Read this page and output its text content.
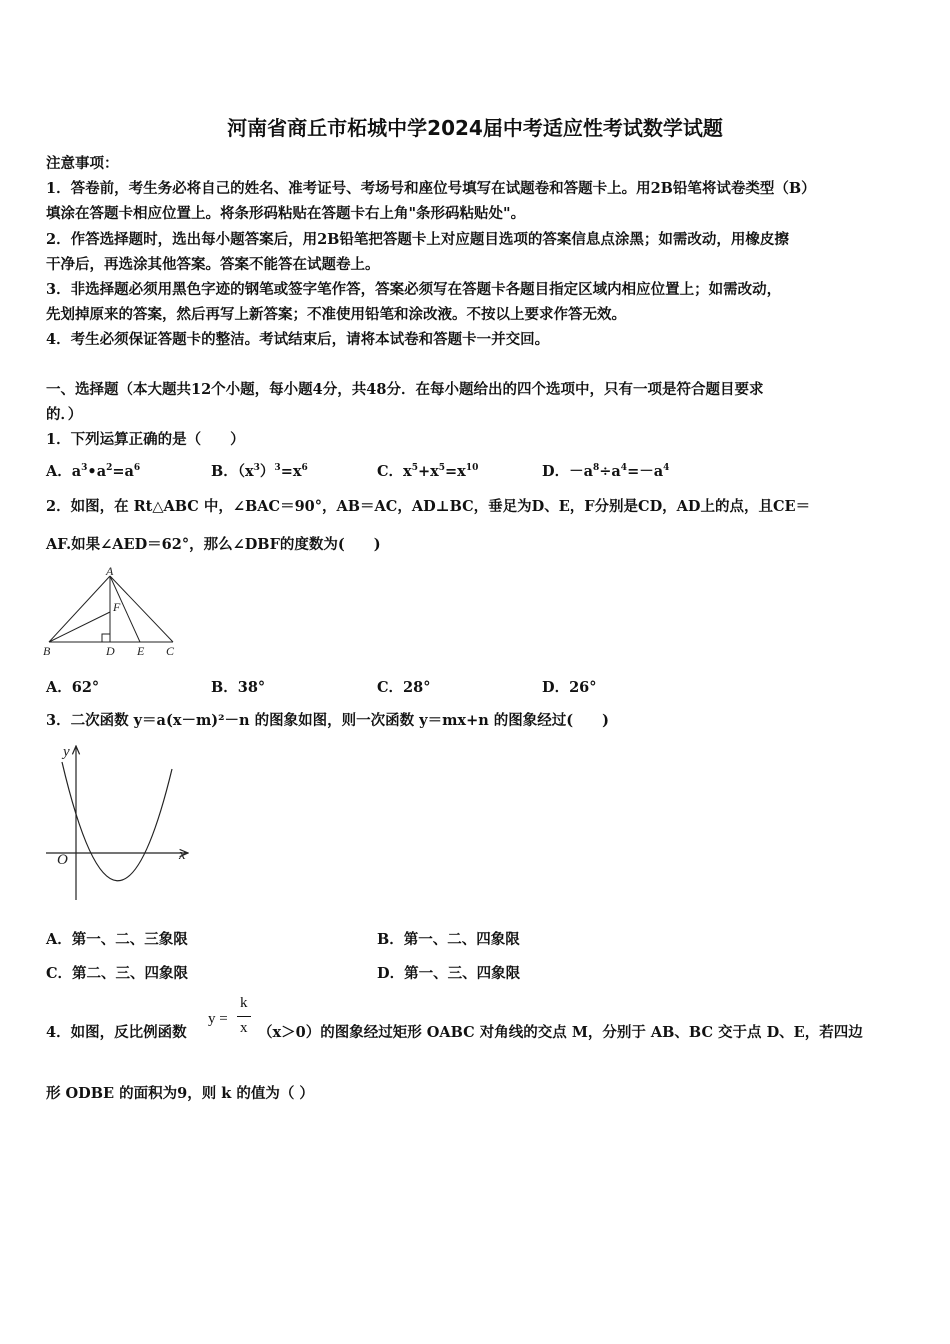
河南省商丘市柘城中学2024届中考适应性考试数学试题
注意事项：
1．答卷前，考生务必将自己的姓名、准考证号、考场号和座位号填写在试题卷和答题卡上。用2B铅笔将试卷类型（B）
填涂在答题卡相应位置上。将条形码粘贴在答题卡右上角"条形码粘贴处"。
2．作答选择题时，选出每小题答案后，用2B铅笔把答题卡上对应题目选项的答案信息点涂黑；如需改动，用橡皮擦
干净后，再选涂其他答案。答案不能答在试题卷上。
3．非选择题必须用黑色字迹的钢笔或签字笔作答，答案必须写在答题卡各题目指定区域内相应位置上；如需改动，
先划掉原来的答案，然后再写上新答案；不准使用铅笔和涂改液。不按以上要求作答无效。
4．考生必须保证答题卡的整洁。考试结束后，请将本试卷和答题卡一并交回。
一、选择题（本大题共12个小题，每小题4分，共48分．在每小题给出的四个选项中，只有一项是符合题目要求
的．）
1．下列运算正确的是（　　）
A．$a^3•a^2=a^6$	B．$(x^3)^3=x^6$	C．$x^5+x^5=x^{10}$	D．$-a^8\div a^4=-a^4$
2．如图，在 Rt△ABC 中，∠BAC＝90°，AB＝AC，AD⊥BC，垂足为D、E，F分别是CD，AD上的点，且CE＝
AF.如果∠AED＝62°，那么∠DBF的度数为(　　)
A
B	D E C
F
A．62°	B．38°	C．28°	D．26°
3．二次函数 y＝a(x－m)²－n 的图象如图，则一次函数 y＝mx+n 的图象经过(　　)
y
x
O
A．第一、二、三象限	B．第一、二、四象限
C．第二、三、四象限	D．第一、三、四象限
4．如图，反比例函数
y =
k
x （x＞0）的图象经过矩形 OABC 对角线的交点 M，分别于 AB、BC 交于点 D、E，若四边
形 ODBE 的面积为9，则 k 的值为（ ）
